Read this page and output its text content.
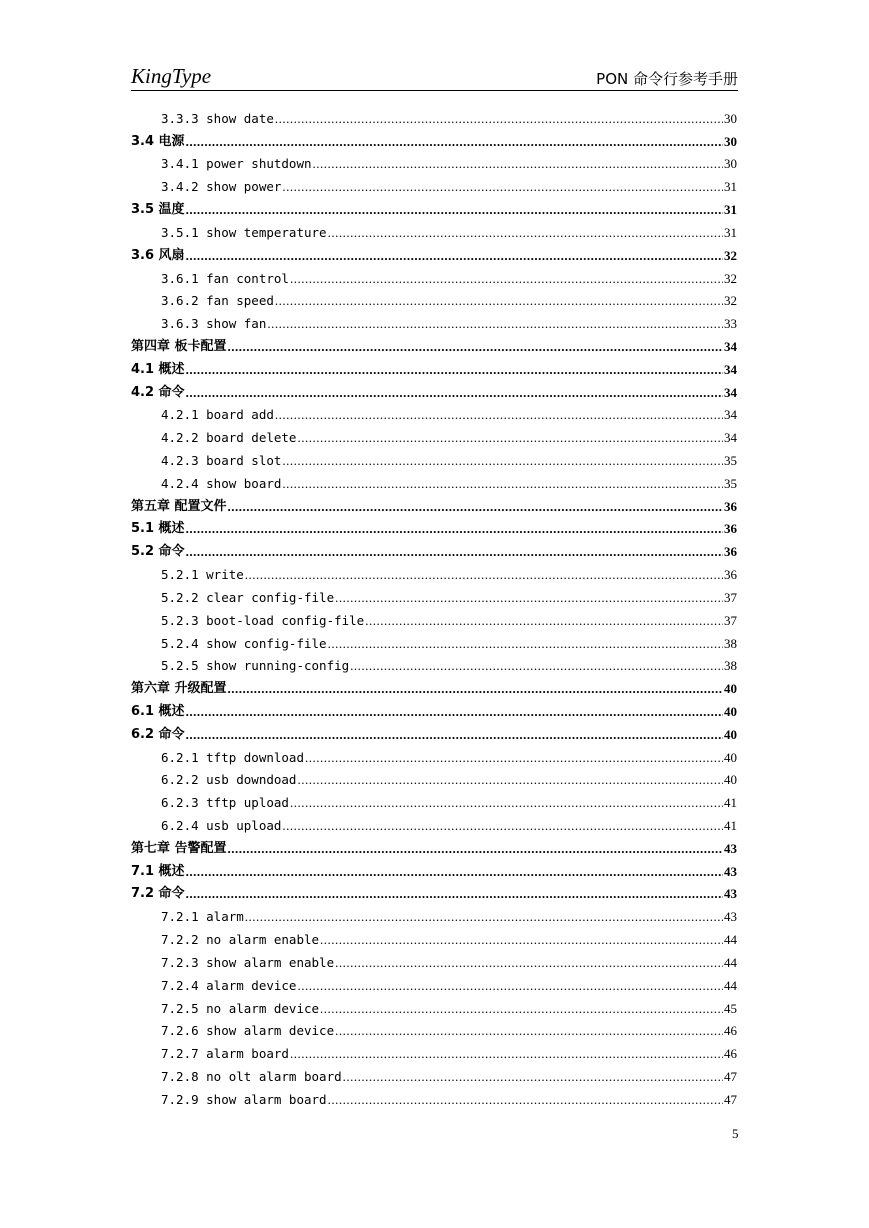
KingType	PON 命令行参考手册
3.3.3 show date .....	30
3.4 电源 .....	30
3.4.1 power shutdown .....	30
3.4.2 show power .....	31
3.5 温度 .....	31
3.5.1 show temperature .....	31
3.6 风扇 .....	32
3.6.1 fan control .....	32
3.6.2 fan speed .....	32
3.6.3 show fan .....	33
第四章 板卡配置 .....	34
4.1 概述 .....	34
4.2 命令 .....	34
4.2.1 board add .....	34
4.2.2 board delete .....	34
4.2.3 board slot .....	35
4.2.4 show board .....	35
第五章 配置文件 .....	36
5.1 概述 .....	36
5.2 命令 .....	36
5.2.1 write .....	36
5.2.2 clear config-file .....	37
5.2.3 boot-load config-file .....	37
5.2.4 show config-file .....	38
5.2.5 show running-config .....	38
第六章 升级配置 .....	40
6.1 概述 .....	40
6.2 命令 .....	40
6.2.1 tftp download .....	40
6.2.2 usb downdoad .....	40
6.2.3 tftp upload .....	41
6.2.4 usb upload .....	41
第七章 告警配置 .....	43
7.1 概述 .....	43
7.2 命令 .....	43
7.2.1 alarm .....	43
7.2.2 no alarm enable .....	44
7.2.3 show alarm enable .....	44
7.2.4 alarm device .....	44
7.2.5 no alarm device .....	45
7.2.6 show alarm device .....	46
7.2.7 alarm board .....	46
7.2.8 no olt alarm board .....	47
7.2.9 show alarm board .....	47
5
